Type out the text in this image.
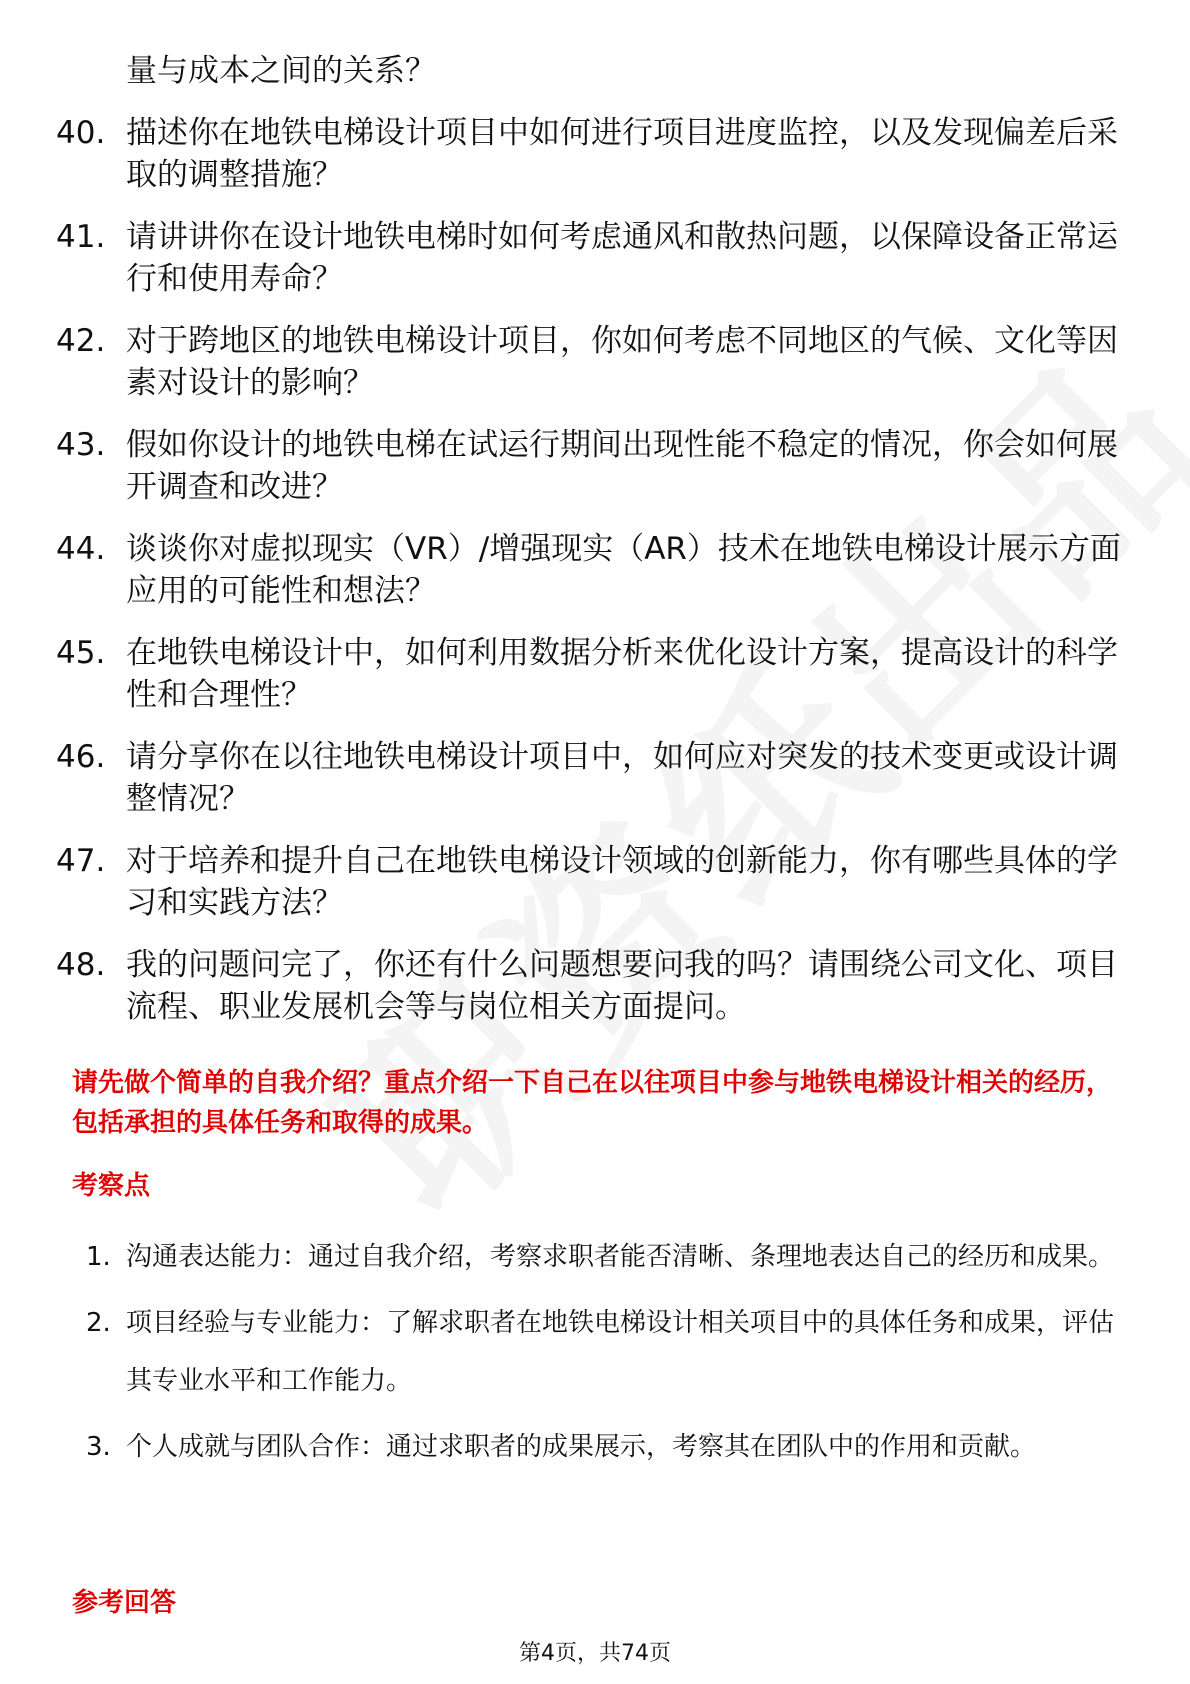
量与成本之间的关系？
40. 描述你在地铁电梯设计项目中如何进行项目进度监控，以及发现偏差后采取的调整措施？
41. 请讲讲你在设计地铁电梯时如何考虑通风和散热问题，以保障设备正常运行和使用寿命？
42. 对于跨地区的地铁电梯设计项目，你如何考虑不同地区的气候、文化等因素对设计的影响？
43. 假如你设计的地铁电梯在试运行期间出现性能不稳定的情况，你会如何展开调查和改进？
44. 谈谈你对虚拟现实（VR）/增强现实（AR）技术在地铁电梯设计展示方面应用的可能性和想法？
45. 在地铁电梯设计中，如何利用数据分析来优化设计方案，提高设计的科学性和合理性？
46. 请分享你在以往地铁电梯设计项目中，如何应对突发的技术变更或设计调整情况？
47. 对于培养和提升自己在地铁电梯设计领域的创新能力，你有哪些具体的学习和实践方法？
48. 我的问题问完了，你还有什么问题想要问我的吗？请围绕公司文化、项目流程、职业发展机会等与岗位相关方面提问。
请先做个简单的自我介绍？重点介绍一下自己在以往项目中参与地铁电梯设计相关的经历，包括承担的具体任务和取得的成果。
考察点
1. 沟通表达能力：通过自我介绍，考察求职者能否清晰、条理地表达自己的经历和成果。
2. 项目经验与专业能力：了解求职者在地铁电梯设计相关项目中的具体任务和成果，评估其专业水平和工作能力。
3. 个人成就与团队合作：通过求职者的成果展示，考察其在团队中的作用和贡献。
参考回答
第4页，共74页
